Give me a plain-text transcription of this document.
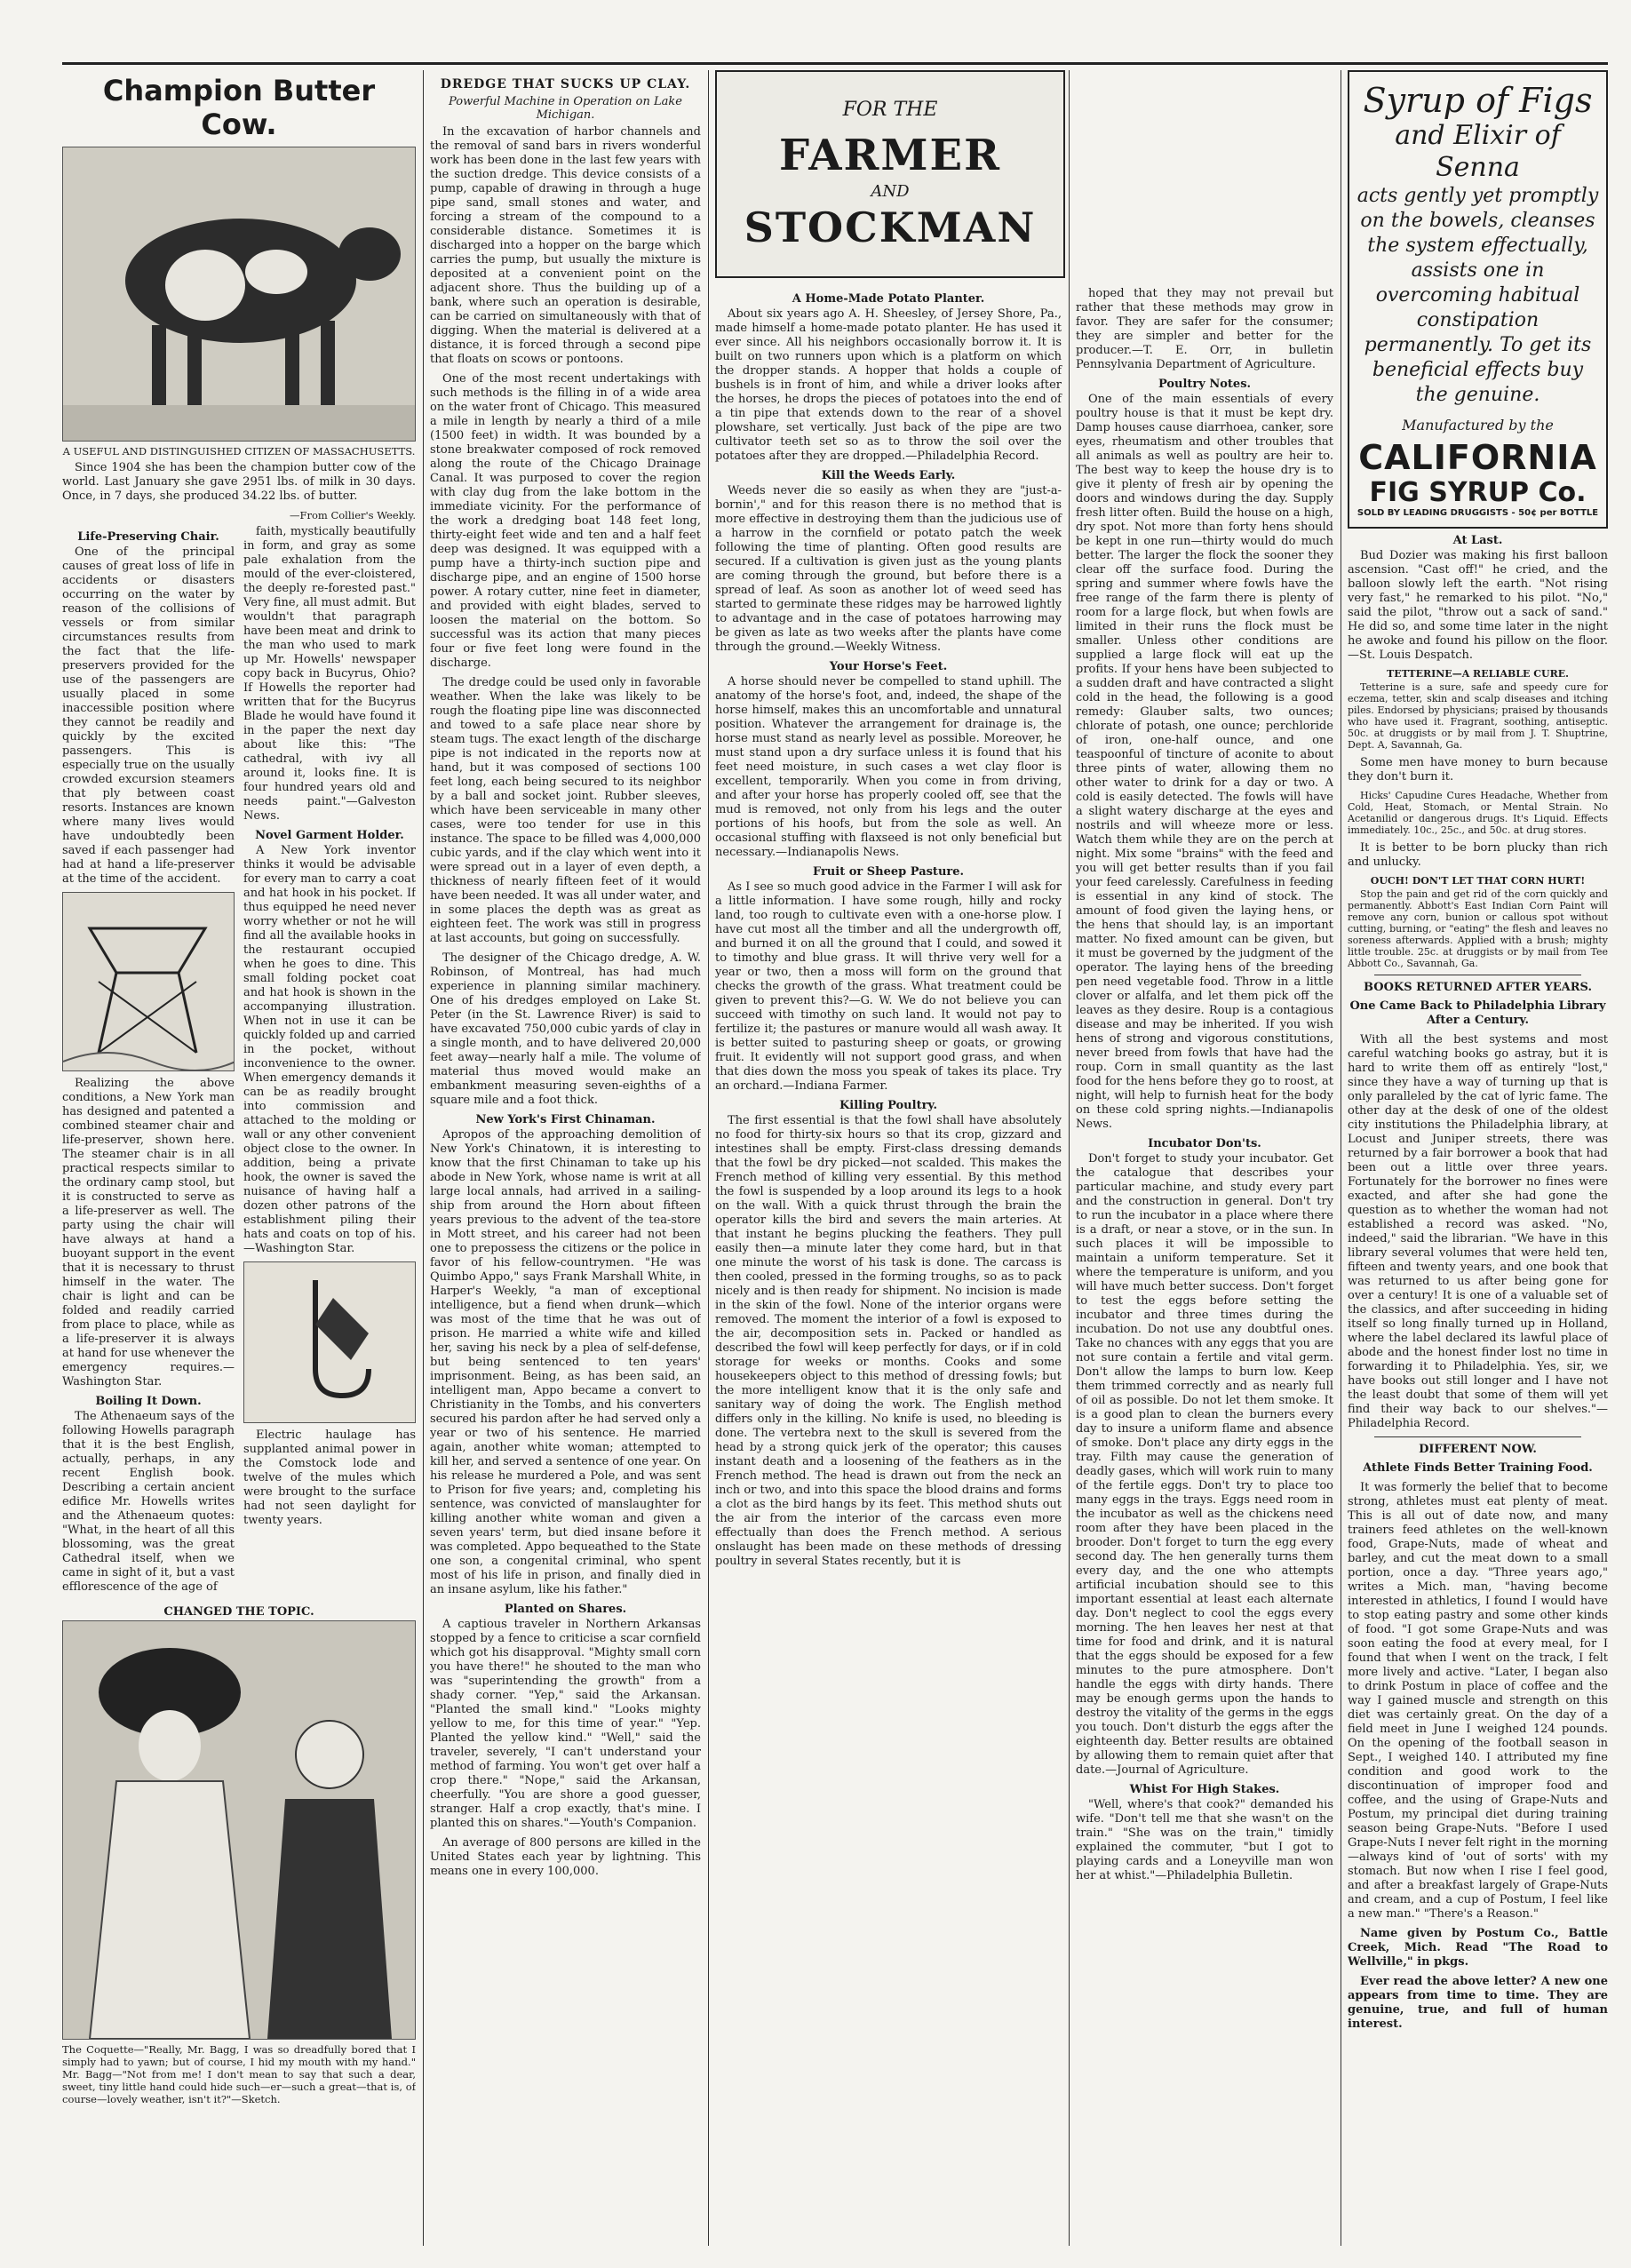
Champion Butter Cow.
A USEFUL AND DISTINGUISHED CITIZEN OF MASSACHUSETTS.
Since 1904 she has been the champion butter cow of the world. Last January she gave 2951 lbs. of milk in 30 days. Once, in 7 days, she produced 34.22 lbs. of butter.
—From Collier's Weekly.
Life-Preserving Chair.
One of the principal causes of great loss of life in accidents or disasters occurring on the water by reason of the collisions of vessels or from similar circumstances results from the fact that the life-preservers provided for the use of the passengers are usually placed in some inaccessible position where they cannot be readily and quickly by the excited passengers. This is especially true on the usually crowded excursion steamers that ply between coast resorts. Instances are known where many lives would have undoubtedly been saved if each passenger had had at hand a life-preserver at the time of the accident.
Realizing the above conditions, a New York man has designed and patented a combined steamer chair and life-preserver, shown here. The steamer chair is in all practical respects similar to the ordinary camp stool, but it is constructed to serve as a life-preserver as well. The party using the chair will have always at hand a buoyant support in the event that it is necessary to thrust himself in the water. The chair is light and can be folded and readily carried from place to place, while as a life-preserver it is always at hand for use whenever the emergency requires.—Washington Star.
Boiling It Down.
The Athenaeum says of the following Howells paragraph that it is the best English, actually, perhaps, in any recent English book. Describing a certain ancient edifice Mr. Howells writes and the Athenaeum quotes: "What, in the heart of all this blossoming, was the great Cathedral itself, when we came in sight of it, but a vast efflorescence of the age of
faith, mystically beautifully in form, and gray as some pale exhalation from the mould of the ever-cloistered, the deeply re-forested past." Very fine, all must admit. But wouldn't that paragraph have been meat and drink to the man who used to mark up Mr. Howells' newspaper copy back in Bucyrus, Ohio? If Howells the reporter had written that for the Bucyrus Blade he would have found it in the paper the next day about like this: "The cathedral, with ivy all around it, looks fine. It is four hundred years old and needs paint."—Galveston News.
Novel Garment Holder.
A New York inventor thinks it would be advisable for every man to carry a coat and hat hook in his pocket. If thus equipped he need never worry whether or not he will find all the available hooks in the restaurant occupied when he goes to dine. This small folding pocket coat and hat hook is shown in the accompanying illustration. When not in use it can be quickly folded up and carried in the pocket, without inconvenience to the owner. When emergency demands it can be as readily brought into commission and attached to the molding or wall or any other convenient object close to the owner. In addition, being a private hook, the owner is saved the nuisance of having half a dozen other patrons of the establishment piling their hats and coats on top of his.—Washington Star.
Electric haulage has supplanted animal power in the Comstock lode and twelve of the mules which were brought to the surface had not seen daylight for twenty years.
CHANGED THE TOPIC.
The Coquette—"Really, Mr. Bagg, I was so dreadfully bored that I simply had to yawn; but of course, I hid my mouth with my hand." Mr. Bagg—"Not from me! I don't mean to say that such a dear, sweet, tiny little hand could hide such—er—such a great—that is, of course—lovely weather, isn't it?"—Sketch.
DREDGE THAT SUCKS UP CLAY.
Powerful Machine in Operation on Lake Michigan.
In the excavation of harbor channels and the removal of sand bars in rivers wonderful work has been done in the last few years with the suction dredge. This device consists of a pump, capable of drawing in through a huge pipe sand, small stones and water, and forcing a stream of the compound to a considerable distance. Sometimes it is discharged into a hopper on the barge which carries the pump, but usually the mixture is deposited at a convenient point on the adjacent shore. Thus the building up of a bank, where such an operation is desirable, can be carried on simultaneously with that of digging. When the material is delivered at a distance, it is forced through a second pipe that floats on scows or pontoons.
One of the most recent undertakings with such methods is the filling in of a wide area on the water front of Chicago. This measured a mile in length by nearly a third of a mile (1500 feet) in width. It was bounded by a stone breakwater composed of rock removed along the route of the Chicago Drainage Canal. It was purposed to cover the region with clay dug from the lake bottom in the immediate vicinity. For the performance of the work a dredging boat 148 feet long, thirty-eight feet wide and ten and a half feet deep was designed. It was equipped with a pump have a thirty-inch suction pipe and discharge pipe, and an engine of 1500 horse power. A rotary cutter, nine feet in diameter, and provided with eight blades, served to loosen the material on the bottom. So successful was its action that many pieces four or five feet long were found in the discharge.
The dredge could be used only in favorable weather. When the lake was likely to be rough the floating pipe line was disconnected and towed to a safe place near shore by steam tugs. The exact length of the discharge pipe is not indicated in the reports now at hand, but it was composed of sections 100 feet long, each being secured to its neighbor by a ball and socket joint. Rubber sleeves, which have been serviceable in many other cases, were too tender for use in this instance. The space to be filled was 4,000,000 cubic yards, and if the clay which went into it were spread out in a layer of even depth, a thickness of nearly fifteen feet of it would have been needed. It was all under water, and in some places the depth was as great as eighteen feet. The work was still in progress at last accounts, but going on successfully.
The designer of the Chicago dredge, A. W. Robinson, of Montreal, has had much experience in planning similar machinery. One of his dredges employed on Lake St. Peter (in the St. Lawrence River) is said to have excavated 750,000 cubic yards of clay in a single month, and to have delivered 20,000 feet away—nearly half a mile. The volume of material thus moved would make an embankment measuring seven-eighths of a square mile and a foot thick.
New York's First Chinaman.
Apropos of the approaching demolition of New York's Chinatown, it is interesting to know that the first Chinaman to take up his abode in New York, whose name is writ at all large local annals, had arrived in a sailing-ship from around the Horn about fifteen years previous to the advent of the tea-store in Mott street, and his career had not been one to prepossess the citizens or the police in favor of his fellow-countrymen. "He was Quimbo Appo," says Frank Marshall White, in Harper's Weekly, "a man of exceptional intelligence, but a fiend when drunk—which was most of the time that he was out of prison. He married a white wife and killed her, saving his neck by a plea of self-defense, but being sentenced to ten years' imprisonment. Being, as has been said, an intelligent man, Appo became a convert to Christianity in the Tombs, and his converters secured his pardon after he had served only a year or two of his sentence. He married again, another white woman; attempted to kill her, and served a sentence of one year. On his release he murdered a Pole, and was sent to Prison for five years; and, completing his sentence, was convicted of manslaughter for killing another white woman and given a seven years' term, but died insane before it was completed. Appo bequeathed to the State one son, a congenital criminal, who spent most of his life in prison, and finally died in an insane asylum, like his father."
Planted on Shares.
A captious traveler in Northern Arkansas stopped by a fence to criticise a scar cornfield which got his disapproval. "Mighty small corn you have there!" he shouted to the man who was "superintending the growth" from a shady corner. "Yep," said the Arkansan. "Planted the small kind." "Looks mighty yellow to me, for this time of year." "Yep. Planted the yellow kind." "Well," said the traveler, severely, "I can't understand your method of farming. You won't get over half a crop there." "Nope," said the Arkansan, cheerfully. "You are shore a good guesser, stranger. Half a crop exactly, that's mine. I planted this on shares."—Youth's Companion.
An average of 800 persons are killed in the United States each year by lightning. This means one in every 100,000.
FOR THE
FARMER
AND
STOCKMAN
A Home-Made Potato Planter.
About six years ago A. H. Sheesley, of Jersey Shore, Pa., made himself a home-made potato planter. He has used it ever since. All his neighbors occasionally borrow it. It is built on two runners upon which is a platform on which the dropper stands. A hopper that holds a couple of bushels is in front of him, and while a driver looks after the horses, he drops the pieces of potatoes into the end of a tin pipe that extends down to the rear of a shovel plowshare, set vertically. Just back of the pipe are two cultivator teeth set so as to throw the soil over the potatoes after they are dropped.—Philadelphia Record.
Kill the Weeds Early.
Weeds never die so easily as when they are "just-a-bornin'," and for this reason there is no method that is more effective in destroying them than the judicious use of a harrow in the cornfield or potato patch the week following the time of planting. Often good results are secured. If a cultivation is given just as the young plants are coming through the ground, but before there is a spread of leaf. As soon as another lot of weed seed has started to germinate these ridges may be harrowed lightly to advantage and in the case of potatoes harrowing may be given as late as two weeks after the plants have come through the ground.—Weekly Witness.
Your Horse's Feet.
A horse should never be compelled to stand uphill. The anatomy of the horse's foot, and, indeed, the shape of the horse himself, makes this an uncomfortable and unnatural position. Whatever the arrangement for drainage is, the horse must stand as nearly level as possible. Moreover, he must stand upon a dry surface unless it is found that his feet need moisture, in such cases a wet clay floor is excellent, temporarily. When you come in from driving, and after your horse has properly cooled off, see that the mud is removed, not only from his legs and the outer portions of his hoofs, but from the sole as well. An occasional stuffing with flaxseed is not only beneficial but necessary.—Indianapolis News.
Fruit or Sheep Pasture.
As I see so much good advice in the Farmer I will ask for a little information. I have some rough, hilly and rocky land, too rough to cultivate even with a one-horse plow. I have cut most all the timber and all the undergrowth off, and burned it on all the ground that I could, and sowed it to timothy and blue grass. It will thrive very well for a year or two, then a moss will form on the ground that checks the growth of the grass. What treatment could be given to prevent this?—G. W. We do not believe you can succeed with timothy on such land. It would not pay to fertilize it; the pastures or manure would all wash away. It is better suited to pasturing sheep or goats, or growing fruit. It evidently will not support good grass, and when that dies down the moss you speak of takes its place. Try an orchard.—Indiana Farmer.
Killing Poultry.
The first essential is that the fowl shall have absolutely no food for thirty-six hours so that its crop, gizzard and intestines shall be empty. First-class dressing demands that the fowl be dry picked—not scalded. This makes the French method of killing very essential. By this method the fowl is suspended by a loop around its legs to a hook on the wall. With a quick thrust through the brain the operator kills the bird and severs the main arteries. At that instant he begins plucking the feathers. They pull easily then—a minute later they come hard, but in that one minute the worst of his task is done. The carcass is then cooled, pressed in the forming troughs, so as to pack nicely and is then ready for shipment. No incision is made in the skin of the fowl. None of the interior organs were removed. The moment the interior of a fowl is exposed to the air, decomposition sets in. Packed or handled as described the fowl will keep perfectly for days, or if in cold storage for weeks or months. Cooks and some housekeepers object to this method of dressing fowls; but the more intelligent know that it is the only safe and sanitary way of doing the work. The English method differs only in the killing. No knife is used, no bleeding is done. The vertebra next to the skull is severed from the head by a strong quick jerk of the operator; this causes instant death and a loosening of the feathers as in the French method. The head is drawn out from the neck an inch or two, and into this space the blood drains and forms a clot as the bird hangs by its feet. This method shuts out the air from the interior of the carcass even more effectually than does the French method. A serious onslaught has been made on these methods of dressing poultry in several States recently, but it is
hoped that they may not prevail but rather that these methods may grow in favor. They are safer for the consumer; they are simpler and better for the producer.—T. E. Orr, in bulletin Pennsylvania Department of Agriculture.
Poultry Notes.
One of the main essentials of every poultry house is that it must be kept dry. Damp houses cause diarrhoea, canker, sore eyes, rheumatism and other troubles that all animals as well as poultry are heir to. The best way to keep the house dry is to give it plenty of fresh air by opening the doors and windows during the day. Supply fresh litter often. Build the house on a high, dry spot. Not more than forty hens should be kept in one run—thirty would do much better. The larger the flock the sooner they clear off the surface food. During the spring and summer where fowls have the free range of the farm there is plenty of room for a large flock, but when fowls are limited in their runs the flock must be smaller. Unless other conditions are supplied a large flock will eat up the profits. If your hens have been subjected to a sudden draft and have contracted a slight cold in the head, the following is a good remedy: Glauber salts, two ounces; chlorate of potash, one ounce; perchloride of iron, one-half ounce, and one teaspoonful of tincture of aconite to about three pints of water, allowing them no other water to drink for a day or two. A cold is easily detected. The fowls will have a slight watery discharge at the eyes and nostrils and will wheeze more or less. Watch them while they are on the perch at night. Mix some "brains" with the feed and you will get better results than if you fail your feed carelessly. Carefulness in feeding is essential in any kind of stock. The amount of food given the laying hens, or the hens that should lay, is an important matter. No fixed amount can be given, but it must be governed by the judgment of the operator. The laying hens of the breeding pen need vegetable food. Throw in a little clover or alfalfa, and let them pick off the leaves as they desire. Roup is a contagious disease and may be inherited. If you wish hens of strong and vigorous constitutions, never breed from fowls that have had the roup. Corn in small quantity as the last food for the hens before they go to roost, at night, will help to furnish heat for the body on these cold spring nights.—Indianapolis News.
Incubator Don'ts.
Don't forget to study your incubator. Get the catalogue that describes your particular machine, and study every part and the construction in general. Don't try to run the incubator in a place where there is a draft, or near a stove, or in the sun. In such places it will be impossible to maintain a uniform temperature. Set it where the temperature is uniform, and you will have much better success. Don't forget to test the eggs before setting the incubator and three times during the incubation. Do not use any doubtful ones. Take no chances with any eggs that you are not sure contain a fertile and vital germ. Don't allow the lamps to burn low. Keep them trimmed correctly and as nearly full of oil as possible. Do not let them smoke. It is a good plan to clean the burners every day to insure a uniform flame and absence of smoke. Don't place any dirty eggs in the tray. Filth may cause the generation of deadly gases, which will work ruin to many of the fertile eggs. Don't try to place too many eggs in the trays. Eggs need room in the incubator as well as the chickens need room after they have been placed in the brooder. Don't forget to turn the egg every second day. The hen generally turns them every day, and the one who attempts artificial incubation should see to this important essential at least each alternate day. Don't neglect to cool the eggs every morning. The hen leaves her nest at that time for food and drink, and it is natural that the eggs should be exposed for a few minutes to the pure atmosphere. Don't handle the eggs with dirty hands. There may be enough germs upon the hands to destroy the vitality of the germs in the eggs you touch. Don't disturb the eggs after the eighteenth day. Better results are obtained by allowing them to remain quiet after that date.—Journal of Agriculture.
Whist For High Stakes.
"Well, where's that cook?" demanded his wife. "Don't tell me that she wasn't on the train." "She was on the train," timidly explained the commuter, "but I got to playing cards and a Loneyville man won her at whist."—Philadelphia Bulletin.
Syrup of Figs
and Elixir of Senna
acts gently yet promptly on the bowels, cleanses the system effectually, assists one in overcoming habitual constipation permanently. To get its beneficial effects buy the genuine.
Manufactured by the
CALIFORNIA
FIG SYRUP Co.
SOLD BY LEADING DRUGGISTS - 50¢ per BOTTLE
At Last.
Bud Dozier was making his first balloon ascension. "Cast off!" he cried, and the balloon slowly left the earth. "Not rising very fast," he remarked to his pilot. "No," said the pilot, "throw out a sack of sand." He did so, and some time later in the night he awoke and found his pillow on the floor.—St. Louis Despatch.
TETTERINE—A RELIABLE CURE.
Tetterine is a sure, safe and speedy cure for eczema, tetter, skin and scalp diseases and itching piles. Endorsed by physicians; praised by thousands who have used it. Fragrant, soothing, antiseptic. 50c. at druggists or by mail from J. T. Shuptrine, Dept. A, Savannah, Ga.
Some men have money to burn because they don't burn it.
Hicks' Capudine Cures Headache, Whether from Cold, Heat, Stomach, or Mental Strain. No Acetanilid or dangerous drugs. It's Liquid. Effects immediately. 10c., 25c., and 50c. at drug stores.
It is better to be born plucky than rich and unlucky.
OUCH! DON'T LET THAT CORN HURT!
Stop the pain and get rid of the corn quickly and permanently. Abbott's East Indian Corn Paint will remove any corn, bunion or callous spot without cutting, burning, or "eating" the flesh and leaves no soreness afterwards. Applied with a brush; mighty little trouble. 25c. at druggists or by mail from Tee Abbott Co., Savannah, Ga.
BOOKS RETURNED AFTER YEARS.
One Came Back to Philadelphia Library After a Century.
With all the best systems and most careful watching books go astray, but it is hard to write them off as entirely "lost," since they have a way of turning up that is only paralleled by the cat of lyric fame. The other day at the desk of one of the oldest city institutions the Philadelphia library, at Locust and Juniper streets, there was returned by a fair borrower a book that had been out a little over three years. Fortunately for the borrower no fines were exacted, and after she had gone the question as to whether the woman had not established a record was asked. "No, indeed," said the librarian. "We have in this library several volumes that were held ten, fifteen and twenty years, and one book that was returned to us after being gone for over a century! It is one of a valuable set of the classics, and after succeeding in hiding itself so long finally turned up in Holland, where the label declared its lawful place of abode and the honest finder lost no time in forwarding it to Philadelphia. Yes, sir, we have books out still longer and I have not the least doubt that some of them will yet find their way back to our shelves."—Philadelphia Record.
DIFFERENT NOW.
Athlete Finds Better Training Food.
It was formerly the belief that to become strong, athletes must eat plenty of meat. This is all out of date now, and many trainers feed athletes on the well-known food, Grape-Nuts, made of wheat and barley, and cut the meat down to a small portion, once a day. "Three years ago," writes a Mich. man, "having become interested in athletics, I found I would have to stop eating pastry and some other kinds of food. "I got some Grape-Nuts and was soon eating the food at every meal, for I found that when I went on the track, I felt more lively and active. "Later, I began also to drink Postum in place of coffee and the way I gained muscle and strength on this diet was certainly great. On the day of a field meet in June I weighed 124 pounds. On the opening of the football season in Sept., I weighed 140. I attributed my fine condition and good work to the discontinuation of improper food and coffee, and the using of Grape-Nuts and Postum, my principal diet during training season being Grape-Nuts. "Before I used Grape-Nuts I never felt right in the morning—always kind of 'out of sorts' with my stomach. But now when I rise I feel good, and after a breakfast largely of Grape-Nuts and cream, and a cup of Postum, I feel like a new man." "There's a Reason."
Name given by Postum Co., Battle Creek, Mich. Read "The Road to Wellville," in pkgs.
Ever read the above letter? A new one appears from time to time. They are genuine, true, and full of human interest.
